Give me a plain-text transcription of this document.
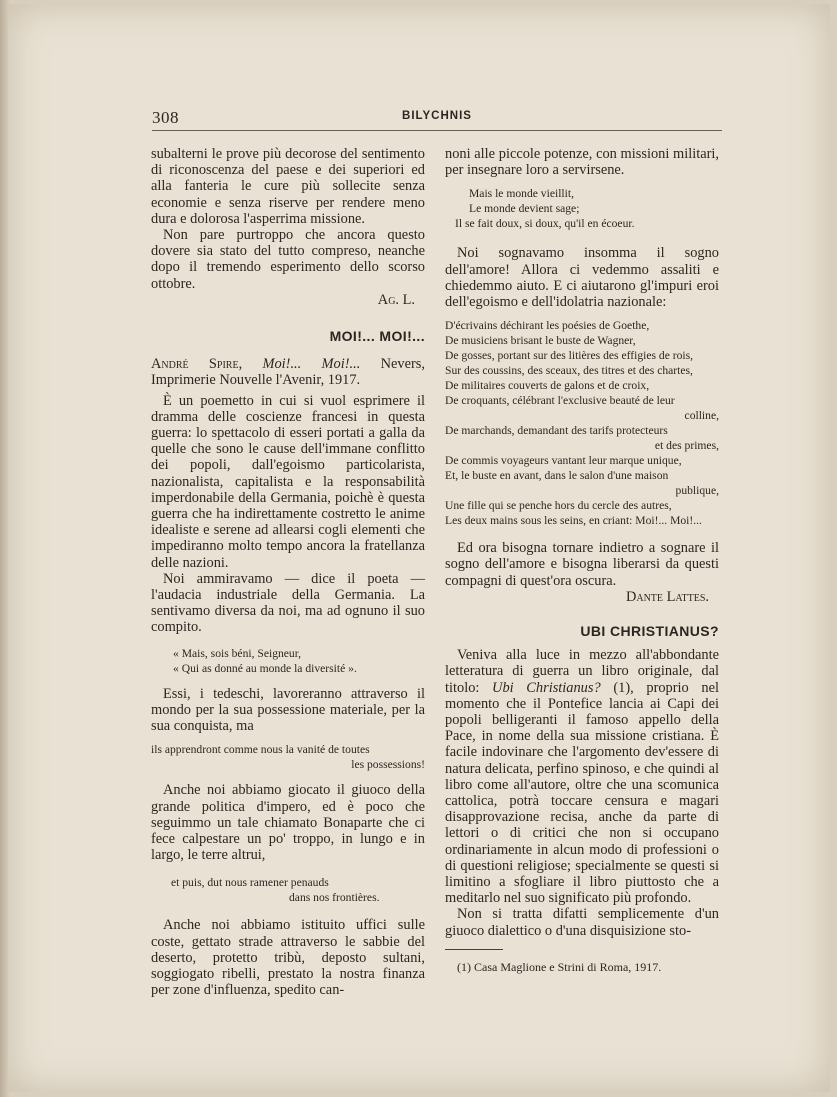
308	BILYCHNIS

subalterni le prove più decorose del sentimento di riconoscenza del paese e dei superiori ed alla fanteria le cure più sollecite senza economie e senza riserve per rendere meno dura e dolorosa l'asperrima missione.

Non pare purtroppo che ancora questo dovere sia stato del tutto compreso, neanche dopo il tremendo esperimento dello scorso ottobre.

Ag. L.

MOI!... MOI!...

André Spire, Moi!... Moi!... Nevers, Imprimerie Nouvelle l'Avenir, 1917.

È un poemetto in cui si vuol esprimere il dramma delle coscienze francesi in questa guerra: lo spettacolo di esseri portati a galla da quelle che sono le cause dell'immane conflitto dei popoli, dall'egoismo particolarista, nazionalista, capitalista e la responsabilità imperdonabile della Germania, poichè è questa guerra che ha indirettamente costretto le anime idealiste e serene ad allearsi cogli elementi che impediranno molto tempo ancora la fratellanza delle nazioni.

Noi ammiravamo — dice il poeta — l'audacia industriale della Germania. La sentivamo diversa da noi, ma ad ognuno il suo compito.

« Mais, sois béni, Seigneur,
« Qui as donné au monde la diversité ».

Essi, i tedeschi, lavoreranno attraverso il mondo per la sua possessione materiale, per la sua conquista, ma

ils apprendront comme nous la vanité de toutes
les possessions!

Anche noi abbiamo giocato il giuoco della grande politica d'impero, ed è poco che seguimmo un tale chiamato Bonaparte che ci fece calpestare un po' troppo, in lungo e in largo, le terre altrui,

et puis, dut nous ramener penauds
dans nos frontières.

Anche noi abbiamo istituito uffici sulle coste, gettato strade attraverso le sabbie del deserto, protetto tribù, deposto sultani, soggiogato ribelli, prestato la nostra finanza per zone d'influenza, spedito can-

noni alle piccole potenze, con missioni militari, per insegnare loro a servirsene.

Mais le monde vieillit,
Le monde devient sage;
Il se fait doux, si doux, qu'il en écoeur.

Noi sognavamo insomma il sogno dell'amore! Allora ci vedemmo assaliti e chiedemmo aiuto. E ci aiutarono gl'impuri eroi dell'egoismo e dell'idolatria nazionale:

D'écrivains déchirant les poésies de Goethe,
De musiciens brisant le buste de Wagner,
De gosses, portant sur des litières des effigies de rois,
Sur des coussins, des sceaux, des titres et des chartes,
De militaires couverts de galons et de croix,
De croquants, célébrant l'exclusive beauté de leur
colline,
De marchands, demandant des tarifs protecteurs
et des primes,
De commis voyageurs vantant leur marque unique,
Et, le buste en avant, dans le salon d'une maison
publique,
Une fille qui se penche hors du cercle des autres,
Les deux mains sous les seins, en criant: Moi!... Moi!...

Ed ora bisogna tornare indietro a sognare il sogno dell'amore e bisogna liberarsi da questi compagni di quest'ora oscura.

Dante Lattes.

UBI CHRISTIANUS?

Veniva alla luce in mezzo all'abbondante letteratura di guerra un libro originale, dal titolo: Ubi Christianus? (1), proprio nel momento che il Pontefice lancia ai Capi dei popoli belligeranti il famoso appello della Pace, in nome della sua missione cristiana. È facile indovinare che l'argomento dev'essere di natura delicata, perfino spinoso, e che quindi al libro come all'autore, oltre che una scomunica cattolica, potrà toccare censura e magari disapprovazione recisa, anche da parte di lettori o di critici che non si occupano ordinariamente in alcun modo di professioni o di questioni religiose; specialmente se questi si limitino a sfogliare il libro piuttosto che a meditarlo nel suo significato più profondo.

Non si tratta difatti semplicemente d'un giuoco dialettico o d'una disquisizione sto-

(1) Casa Maglione e Strini di Roma, 1917.
